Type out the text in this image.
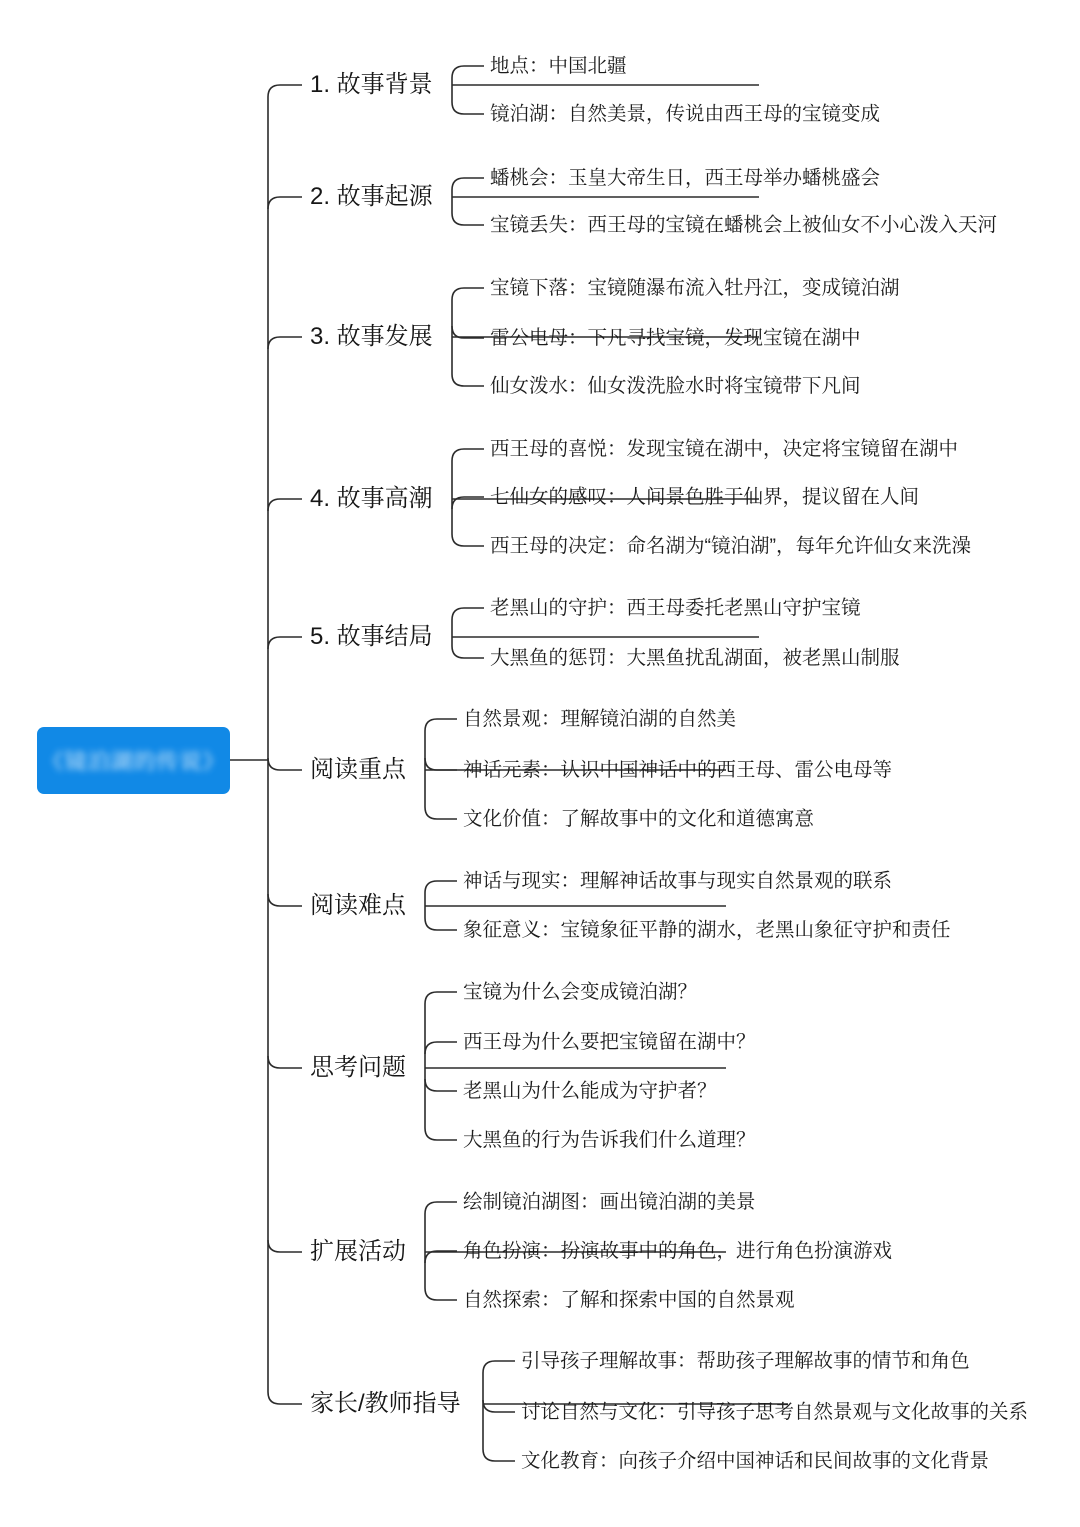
《镜泊湖的传说》
1. 故事背景
地点：中国北疆
镜泊湖：自然美景，传说由西王母的宝镜变成
2. 故事起源
蟠桃会：玉皇大帝生日，西王母举办蟠桃盛会
宝镜丢失：西王母的宝镜在蟠桃会上被仙女不小心泼入天河
3. 故事发展
宝镜下落：宝镜随瀑布流入牡丹江，变成镜泊湖
雷公电母：下凡寻找宝镜，发现宝镜在湖中
仙女泼水：仙女泼洗脸水时将宝镜带下凡间
4. 故事高潮
西王母的喜悦：发现宝镜在湖中，决定将宝镜留在湖中
七仙女的感叹：人间景色胜于仙界，提议留在人间
西王母的决定：命名湖为“镜泊湖”，每年允许仙女来洗澡
5. 故事结局
老黑山的守护：西王母委托老黑山守护宝镜
大黑鱼的惩罚：大黑鱼扰乱湖面，被老黑山制服
阅读重点
自然景观：理解镜泊湖的自然美
神话元素：认识中国神话中的西王母、雷公电母等
文化价值：了解故事中的文化和道德寓意
阅读难点
神话与现实：理解神话故事与现实自然景观的联系
象征意义：宝镜象征平静的湖水，老黑山象征守护和责任
思考问题
宝镜为什么会变成镜泊湖？
西王母为什么要把宝镜留在湖中？
老黑山为什么能成为守护者？
大黑鱼的行为告诉我们什么道理？
扩展活动
绘制镜泊湖图：画出镜泊湖的美景
角色扮演：扮演故事中的角色，进行角色扮演游戏
自然探索：了解和探索中国的自然景观
家长/教师指导
引导孩子理解故事：帮助孩子理解故事的情节和角色
讨论自然与文化：引导孩子思考自然景观与文化故事的关系
文化教育：向孩子介绍中国神话和民间故事的文化背景
